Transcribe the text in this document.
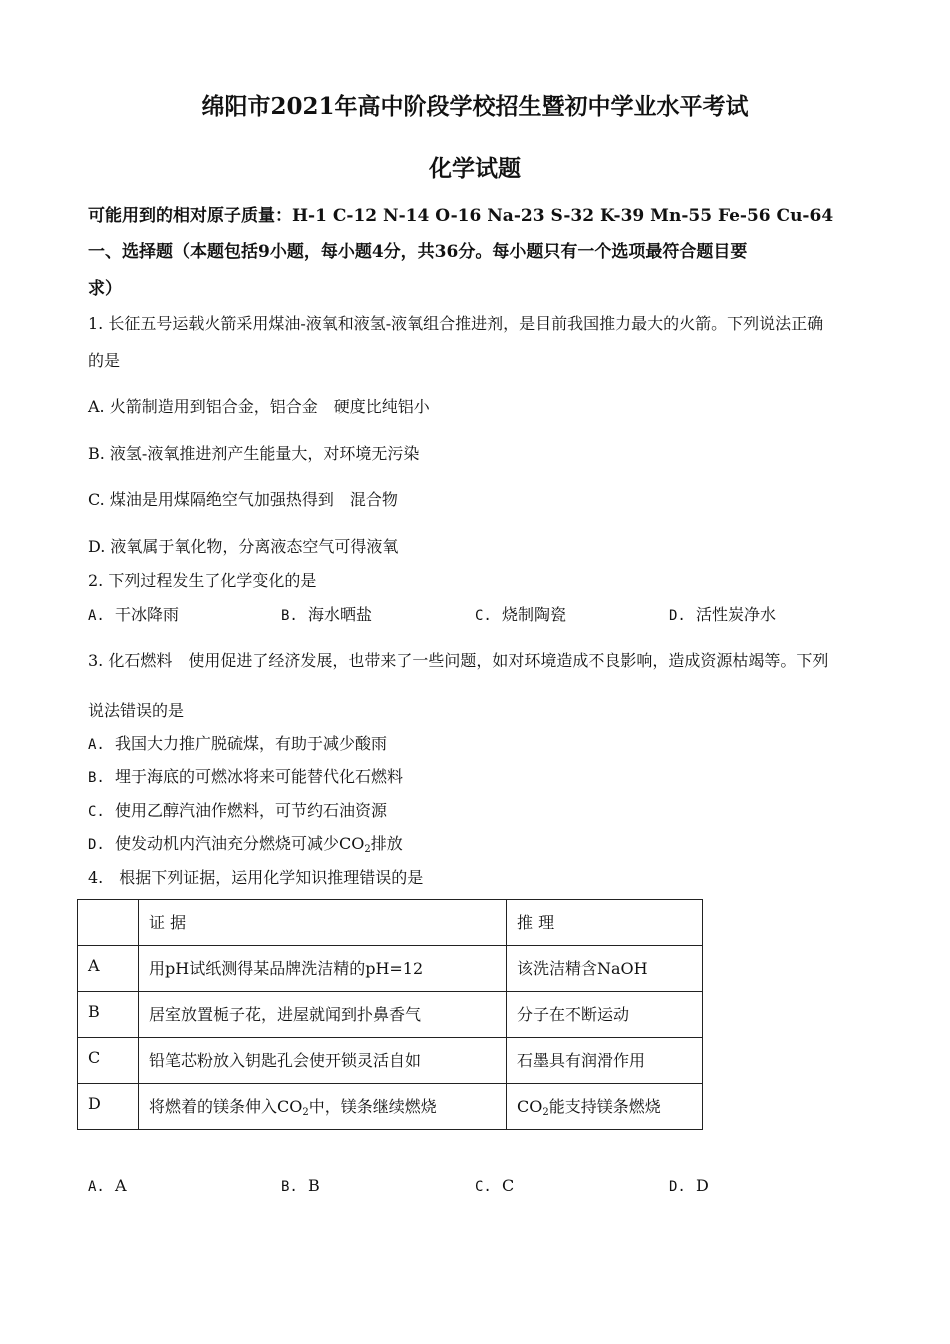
绵阳市2021年高中阶段学校招生暨初中学业水平考试
化学试题
可能用到的相对原子质量：H-1 C-12 N-14 O-16 Na-23 S-32 K-39 Mn-55 Fe-56 Cu-64
一、选择题（本题包括9小题，每小题4分，共36分。每小题只有一个选项最符合题目要
求）
1. 长征五号运载火箭采用煤油-液氧和液氢-液氧组合推进剂，是目前我国推力最大的火箭。下列说法正确
的是
A. 火箭制造用到铝合金，铝合金　硬度比纯铝小
B. 液氢-液氧推进剂产生能量大，对环境无污染
C. 煤油是用煤隔绝空气加强热得到　混合物
D. 液氧属于氧化物，分离液态空气可得液氧
2. 下列过程发生了化学变化的是
A. 干冰降雨	B. 海水晒盐	C. 烧制陶瓷	D. 活性炭净水
3. 化石燃料　使用促进了经济发展，也带来了一些问题，如对环境造成不良影响，造成资源枯竭等。下列
说法错误的是
A. 我国大力推广脱硫煤，有助于减少酸雨
B. 埋于海底的可燃冰将来可能替代化石燃料
C. 使用乙醇汽油作燃料，可节约石油资源
D. 使发动机内汽油充分燃烧可减少$CO_2$排放
4.　根据下列证据，运用化学知识推理错误的是
	证 据	推 理
A	用pH试纸测得某品牌洗洁精的pH=12	该洗洁精含NaOH
B	居室放置栀子花，进屋就闻到扑鼻香气	分子在不断运动
C	铅笔芯粉放入钥匙孔会使开锁灵活自如	石墨具有润滑作用
D	将燃着的镁条伸入$CO_2$中，镁条继续燃烧	$CO_2$能支持镁条燃烧
A. A	B. B	C. C	D. D
